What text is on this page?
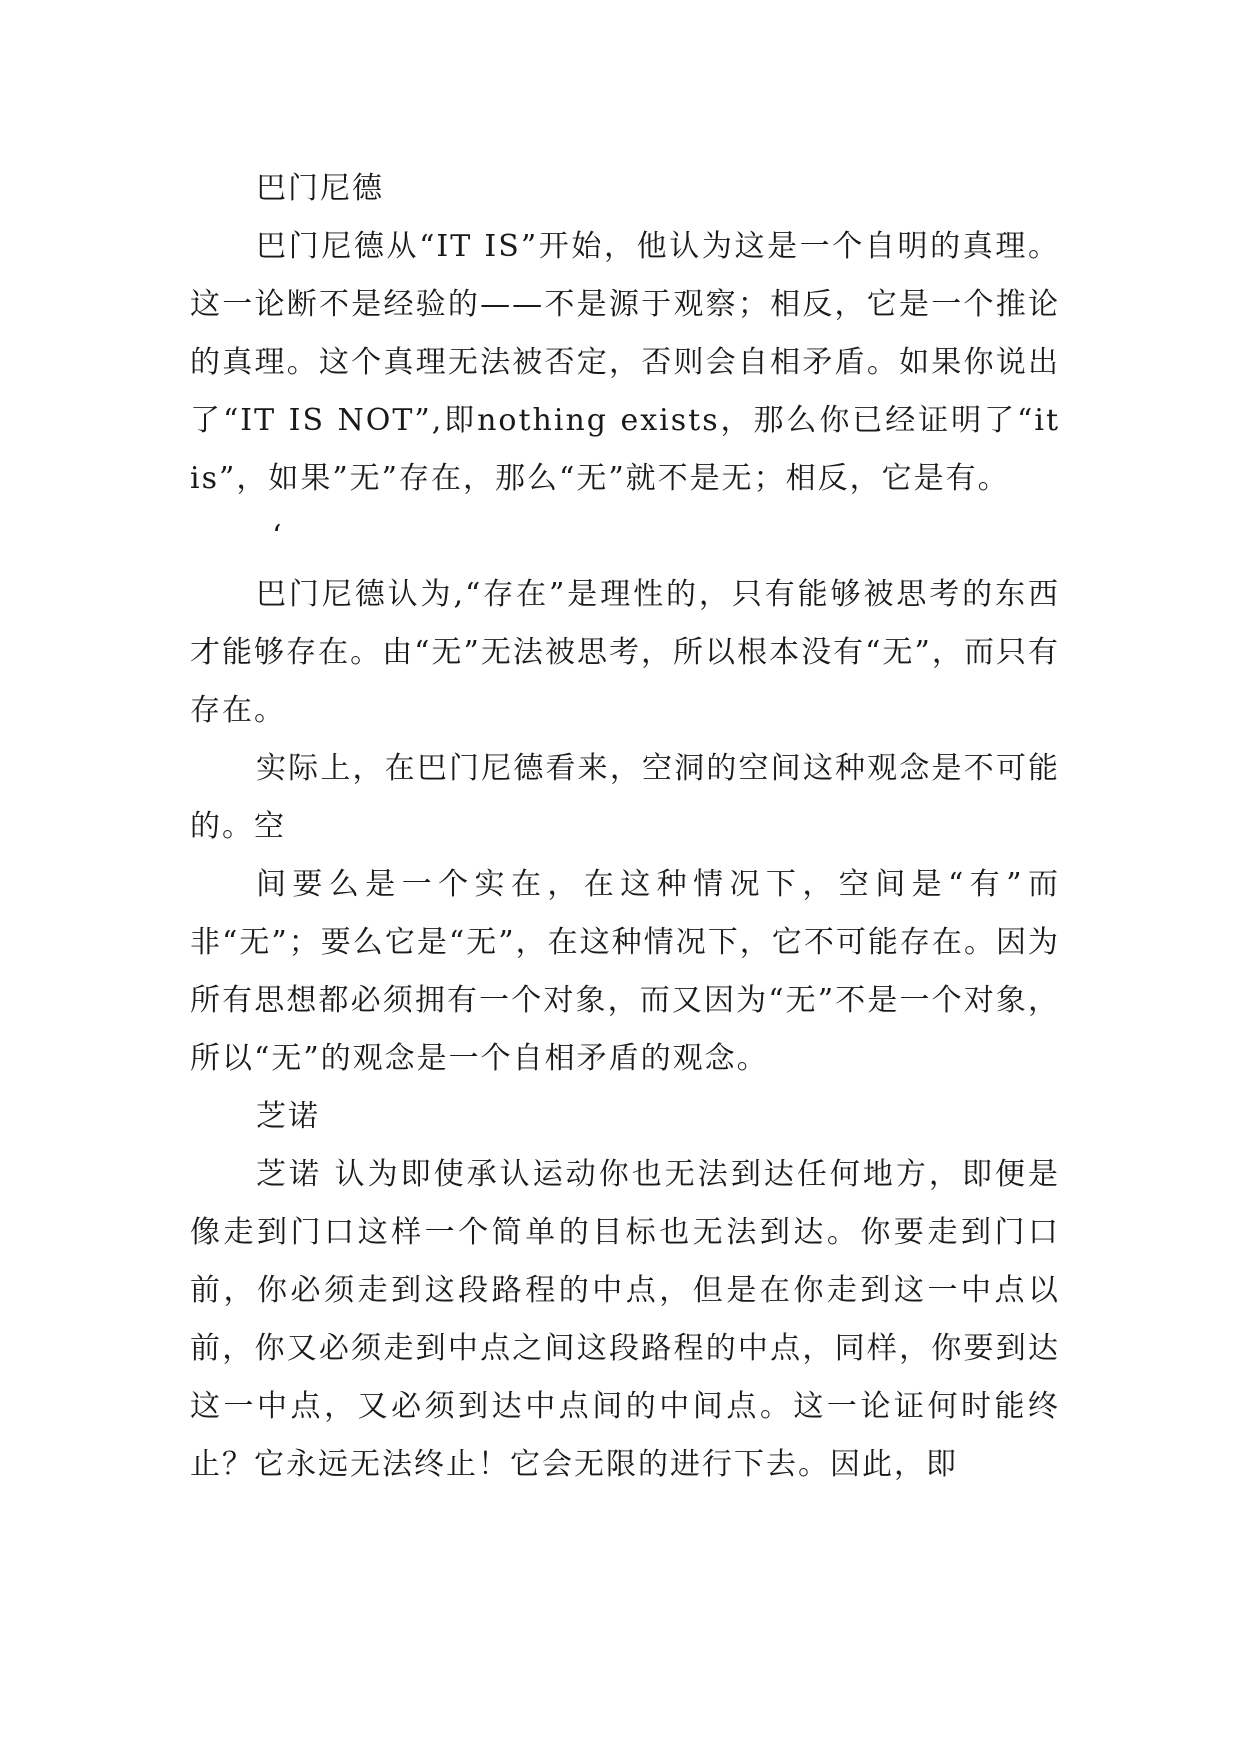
巴门尼德

巴门尼德从“IT IS”开始，他认为这是一个自明的真理。这一论断不是经验的——不是源于观察；相反，它是一个推论的真理。这个真理无法被否定，否则会自相矛盾。如果你说出了“IT IS NOT”,即nothing exists，那么你已经证明了“it is”，如果”无”存在，那么“无”就不是无；相反，它是有。

‘

巴门尼德认为,“存在”是理性的，只有能够被思考的东西才能够存在。由“无”无法被思考，所以根本没有“无”，而只有存在。

实际上，在巴门尼德看来，空洞的空间这种观念是不可能的。空

间要么是一个实在，在这种情况下，空间是“有”而非“无”；要么它是“无”，在这种情况下，它不可能存在。因为所有思想都必须拥有一个对象，而又因为“无”不是一个对象，所以“无”的观念是一个自相矛盾的观念。

芝诺

芝诺 认为即使承认运动你也无法到达任何地方，即便是像走到门口这样一个简单的目标也无法到达。你要走到门口前，你必须走到这段路程的中点，但是在你走到这一中点以前，你又必须走到中点之间这段路程的中点，同样，你要到达这一中点，又必须到达中点间的中间点。这一论证何时能终止？它永远无法终止！它会无限的进行下去。因此，即
